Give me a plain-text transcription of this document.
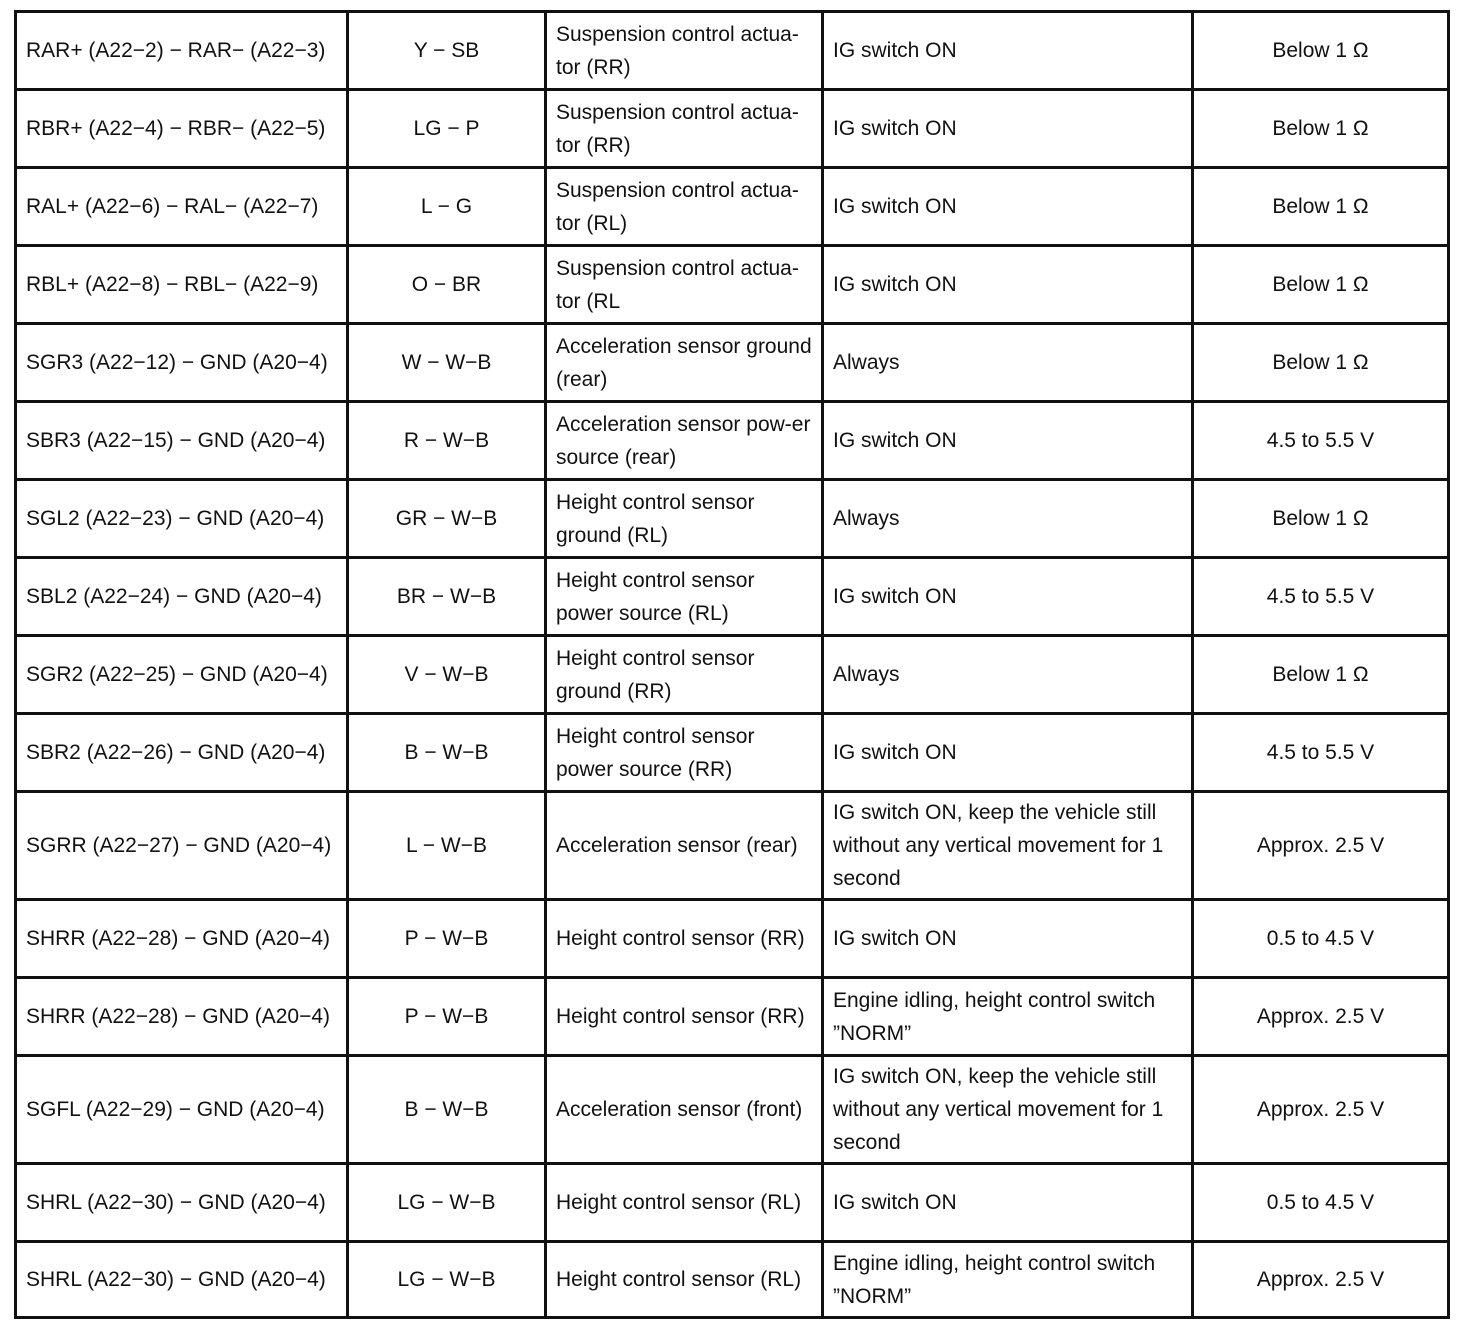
RAR+ (A22−2) − RAR− (A22−3)	Y − SB	Suspension control actua-tor (RR)	IG switch ON	Below 1 Ω
RBR+ (A22−4) − RBR− (A22−5)	LG − P	Suspension control actua-tor (RR)	IG switch ON	Below 1 Ω
RAL+ (A22−6) − RAL− (A22−7)	L − G	Suspension control actua-tor (RL)	IG switch ON	Below 1 Ω
RBL+ (A22−8) − RBL− (A22−9)	O − BR	Suspension control actua-tor (RL	IG switch ON	Below 1 Ω
SGR3 (A22−12) − GND (A20−4)	W − W−B	Acceleration sensor ground (rear)	Always	Below 1 Ω
SBR3 (A22−15) − GND (A20−4)	R − W−B	Acceleration sensor pow-er source (rear)	IG switch ON	4.5 to 5.5 V
SGL2 (A22−23) − GND (A20−4)	GR − W−B	Height control sensor ground (RL)	Always	Below 1 Ω
SBL2 (A22−24) − GND (A20−4)	BR − W−B	Height control sensor power source (RL)	IG switch ON	4.5 to 5.5 V
SGR2 (A22−25) − GND (A20−4)	V − W−B	Height control sensor ground (RR)	Always	Below 1 Ω
SBR2 (A22−26) − GND (A20−4)	B − W−B	Height control sensor power source (RR)	IG switch ON	4.5 to 5.5 V
SGRR (A22−27) − GND (A20−4)	L − W−B	Acceleration sensor (rear)	IG switch ON, keep the vehicle still without any vertical movement for 1 second	Approx. 2.5 V
SHRR (A22−28) − GND (A20−4)	P − W−B	Height control sensor (RR)	IG switch ON	0.5 to 4.5 V
SHRR (A22−28) − GND (A20−4)	P − W−B	Height control sensor (RR)	Engine idling, height control switch ”NORM”	Approx. 2.5 V
SGFL (A22−29) − GND (A20−4)	B − W−B	Acceleration sensor (front)	IG switch ON, keep the vehicle still without any vertical movement for 1 second	Approx. 2.5 V
SHRL (A22−30) − GND (A20−4)	LG − W−B	Height control sensor (RL)	IG switch ON	0.5 to 4.5 V
SHRL (A22−30) − GND (A20−4)	LG − W−B	Height control sensor (RL)	Engine idling, height control switch ”NORM”	Approx. 2.5 V
